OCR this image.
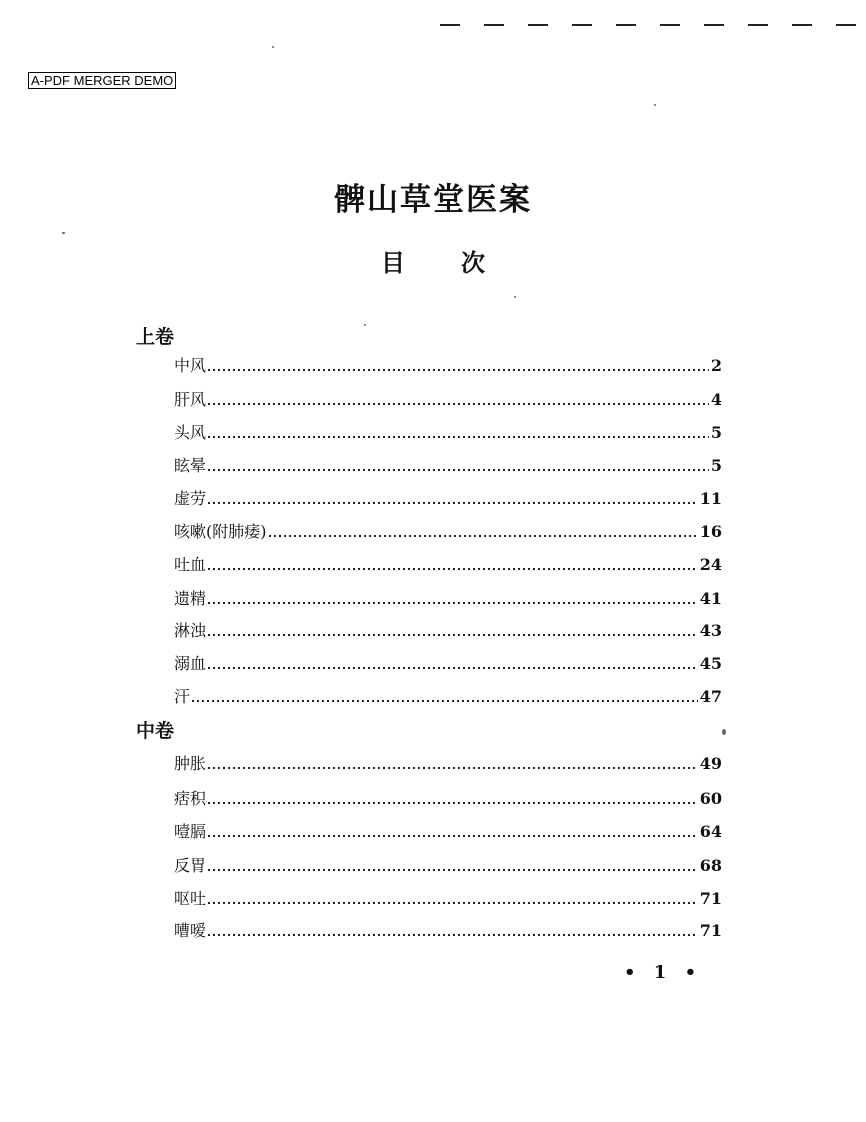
A-PDF MERGER DEMO
髀山草堂医案
目次
上卷
中风	2
肝风	4
头风	5
眩晕	5
虚劳	11
咳嗽(附肺痿)	16
吐血	24
遗精	41
淋浊	43
溺血	45
汗	47
中卷
肿胀	49
痞积	60
噎膈	64
反胃	68
呕吐	71
嘈嗳	71
• 1 •
